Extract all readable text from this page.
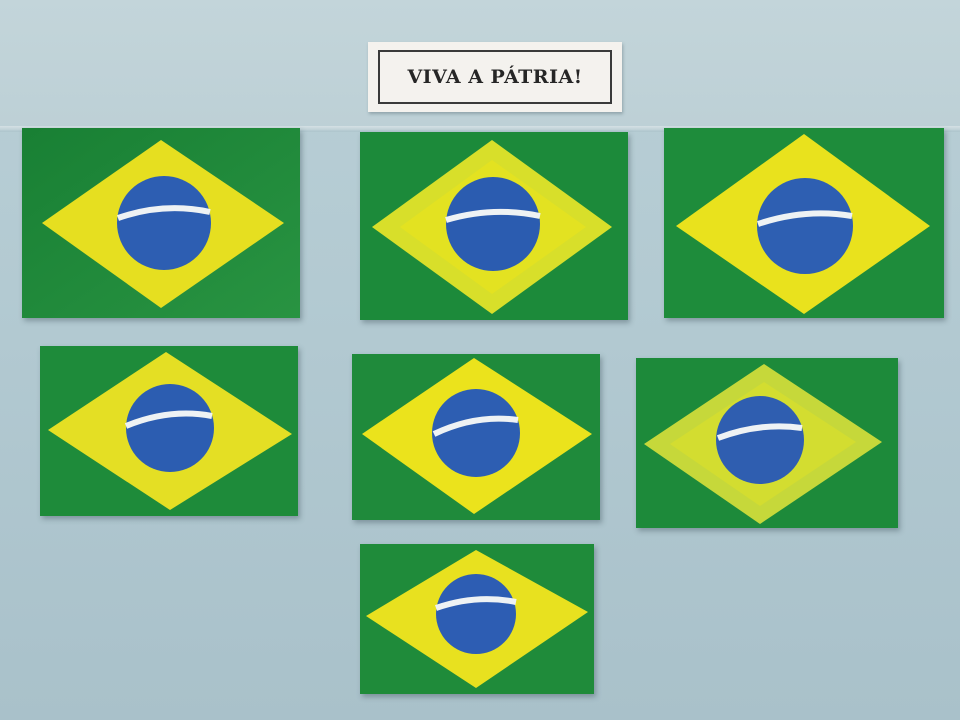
VIVA A PÁTRIA!
